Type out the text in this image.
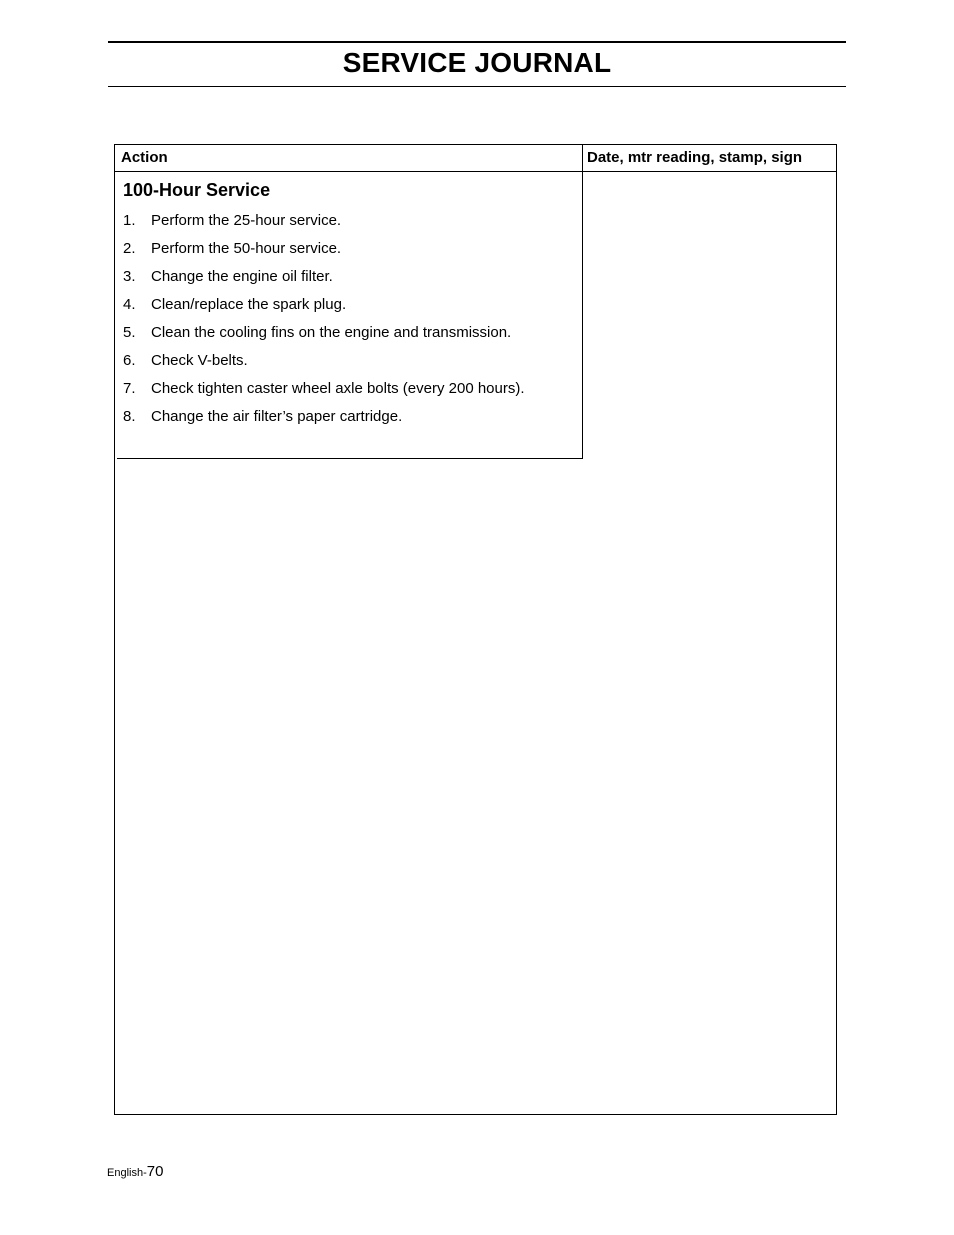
SERVICE JOURNAL
Action	Date, mtr reading, stamp, sign
100-Hour Service
1. Perform the 25-hour service.
2. Perform the 50-hour service.
3. Change the engine oil filter.
4. Clean/replace the spark plug.
5. Clean the cooling fins on the engine and transmission.
6. Check V-belts.
7. Check tighten caster wheel axle bolts (every 200 hours).
8. Change the air filter’s paper cartridge.
English-70
